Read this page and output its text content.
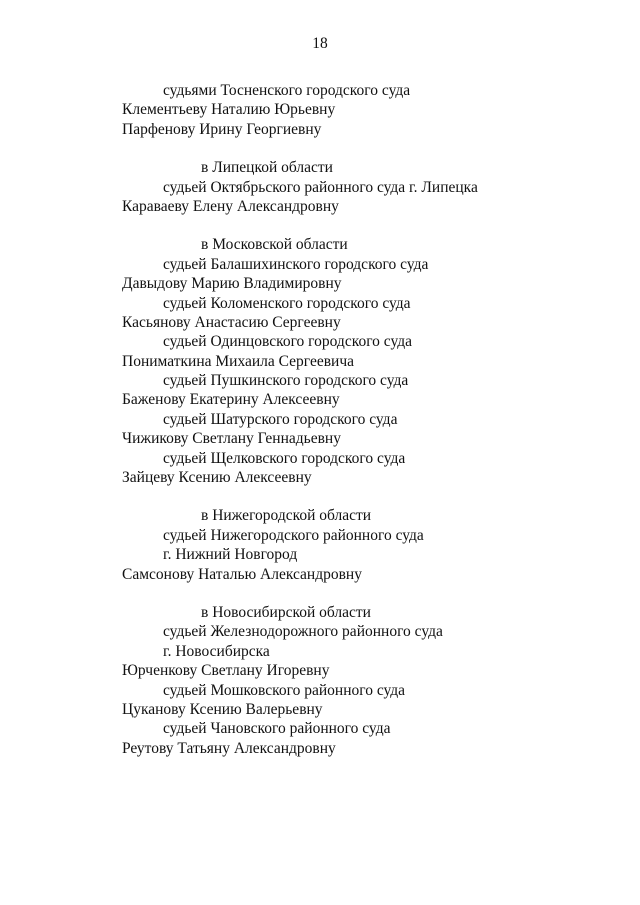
18
судьями Тосненского городского суда
Клементьеву Наталию Юрьевну
Парфенову Ирину Георгиевну
в Липецкой области
судьей Октябрьского районного суда г. Липецка
Караваеву Елену Александровну
в Московской области
судьей Балашихинского городского суда
Давыдову Марию Владимировну
судьей Коломенского городского суда
Касьянову Анастасию Сергеевну
судьей Одинцовского городского суда
Пониматкина Михаила Сергеевича
судьей Пушкинского городского суда
Баженову Екатерину Алексеевну
судьей Шатурского городского суда
Чижикову Светлану Геннадьевну
судьей Щелковского городского суда
Зайцеву Ксению Алексеевну
в Нижегородской области
судьей Нижегородского районного суда
г. Нижний Новгород
Самсонову Наталью Александровну
в Новосибирской области
судьей Железнодорожного районного суда
г. Новосибирска
Юрченкову Светлану Игоревну
судьей Мошковского районного суда
Цуканову Ксению Валерьевну
судьей Чановского районного суда
Реутову Татьяну Александровну
